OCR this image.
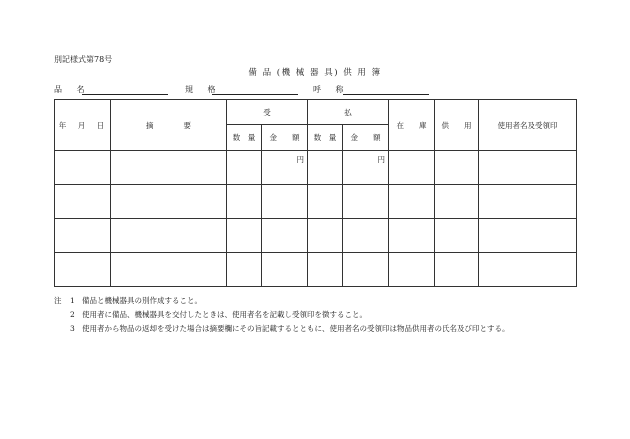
別記様式第78号
備 品 (機 械 器 具) 供 用 簿
品 名	規 格	呼 称
年　月　日	摘　　　　要	受		払		在　　庫	供　　用	使用者名及受領印
		数　量	金　　額	数　量	金　　額			
			円		円			

注 1 備品と機械器具の別作成すること。
2 使用者に備品、機械器具を交付したときは、使用者名を記載し受領印を徴すること。
3 使用者から物品の返却を受けた場合は摘要欄にその旨記載するとともに、使用者名の受領印は物品供用者の氏名及び印とする。
